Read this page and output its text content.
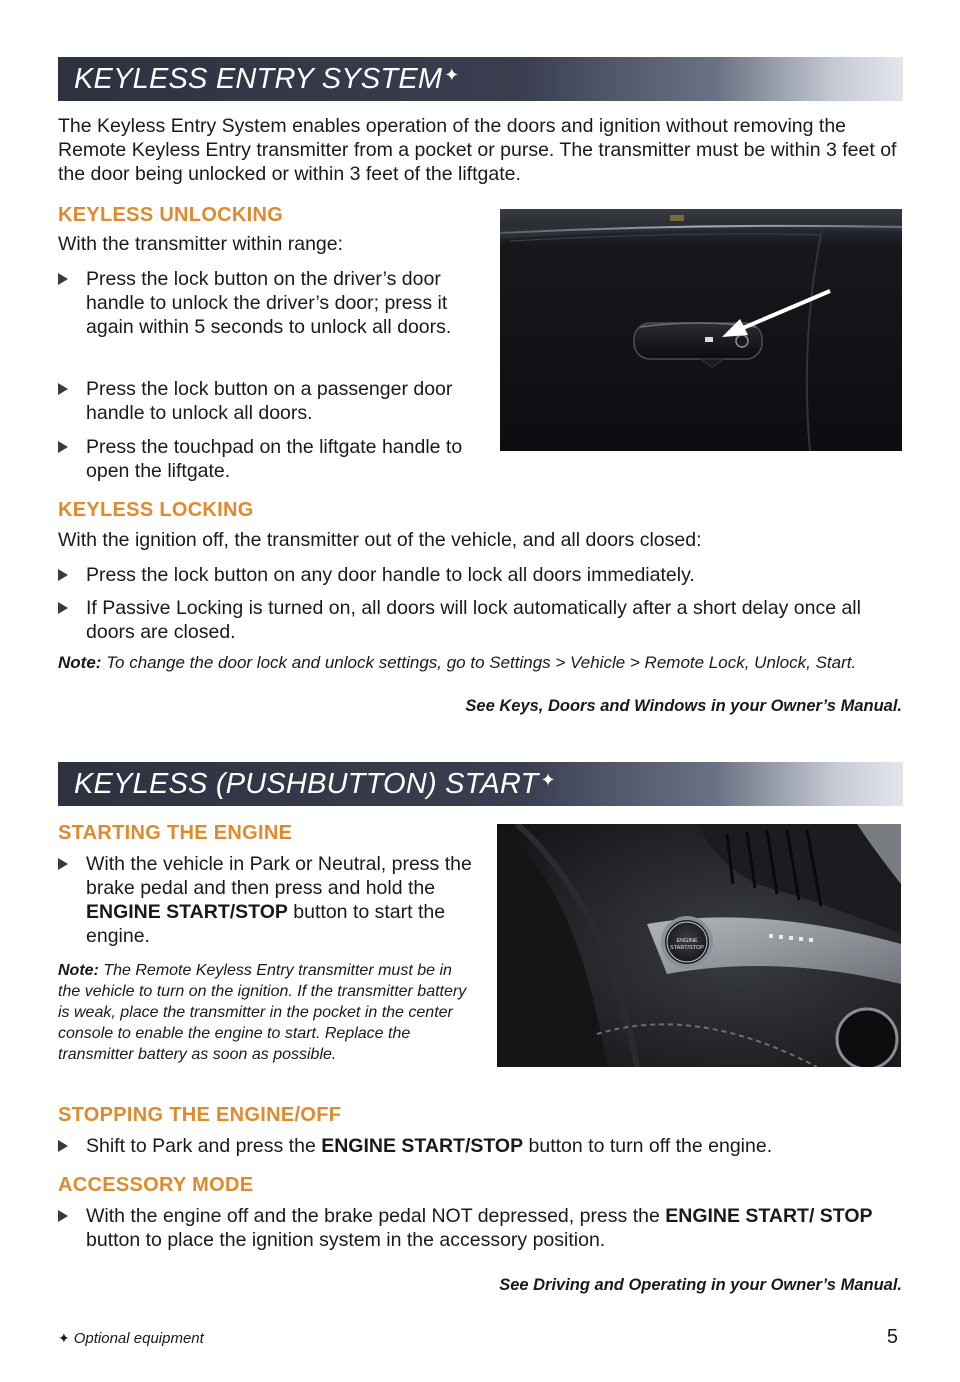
KEYLESS ENTRY SYSTEM ✦
The Keyless Entry System enables operation of the doors and ignition without removing the Remote Keyless Entry transmitter from a pocket or purse. The transmitter must be within 3 feet of the door being unlocked or within 3 feet of the liftgate.
KEYLESS UNLOCKING
With the transmitter within range:
Press the lock button on the driver’s door handle to unlock the driver’s door; press it again within 5 seconds to unlock all doors.
Press the lock button on a passenger door handle to unlock all doors.
Press the touchpad on the liftgate handle to open the liftgate.
KEYLESS LOCKING
With the ignition off, the transmitter out of the vehicle, and all doors closed:
Press the lock button on any door handle to lock all doors immediately.
If Passive Locking is turned on, all doors will lock automatically after a short delay once all doors are closed.
Note: To change the door lock and unlock settings, go to Settings > Vehicle > Remote Lock, Unlock, Start.
See Keys, Doors and Windows in your Owner’s Manual.
KEYLESS (PUSHBUTTON) START ✦
STARTING THE ENGINE
With the vehicle in Park or Neutral, press the brake pedal and then press and hold the ENGINE START/STOP button to start the engine.
Note: The Remote Keyless Entry transmitter must be in the vehicle to turn on the ignition. If the transmitter battery is weak, place the transmitter in the pocket in the center console to enable the engine to start. Replace the transmitter battery as soon as possible.
ENGINE
START/STOP
STOPPING THE ENGINE/OFF
Shift to Park and press the ENGINE START/STOP button to turn off the engine.
ACCESSORY MODE
With the engine off and the brake pedal NOT depressed, press the ENGINE START/ STOP button to place the ignition system in the accessory position.
See Driving and Operating in your Owner’s Manual.
✦ Optional equipment	5
